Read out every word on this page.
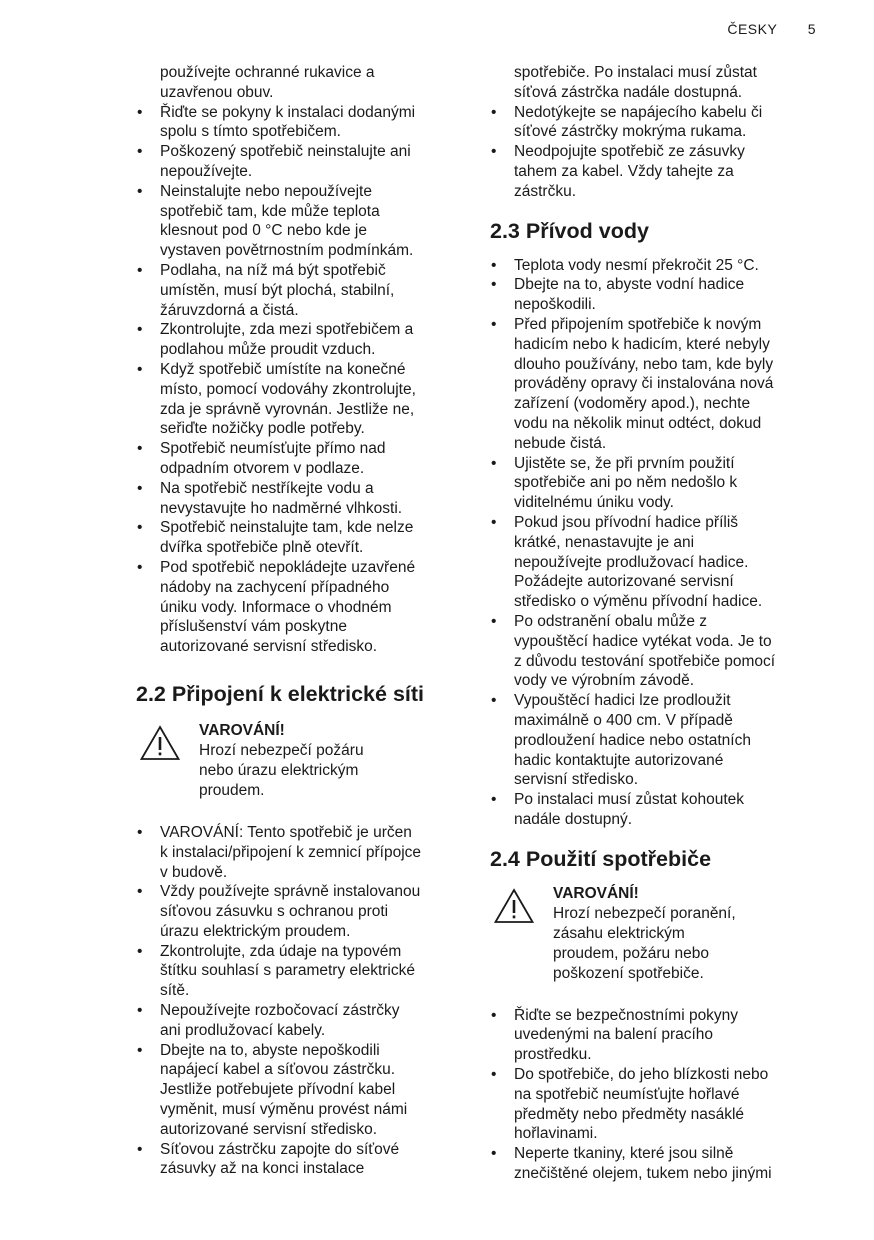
ČESKY 5
používejte ochranné rukavice a
uzavřenou obuv.
• Řiďte se pokyny k instalaci dodanými
spolu s tímto spotřebičem.
• Poškozený spotřebič neinstalujte ani
nepoužívejte.
• Neinstalujte nebo nepoužívejte
spotřebič tam, kde může teplota
klesnout pod 0 °C nebo kde je
vystaven povětrnostním podmínkám.
• Podlaha, na níž má být spotřebič
umístěn, musí být plochá, stabilní,
žáruvzdorná a čistá.
• Zkontrolujte, zda mezi spotřebičem a
podlahou může proudit vzduch.
• Když spotřebič umístíte na konečné
místo, pomocí vodováhy zkontrolujte,
zda je správně vyrovnán. Jestliže ne,
seřiďte nožičky podle potřeby.
• Spotřebič neumísťujte přímo nad
odpadním otvorem v podlaze.
• Na spotřebič nestříkejte vodu a
nevystavujte ho nadměrné vlhkosti.
• Spotřebič neinstalujte tam, kde nelze
dvířka spotřebiče plně otevřít.
• Pod spotřebič nepokládejte uzavřené
nádoby na zachycení případného
úniku vody. Informace o vhodném
příslušenství vám poskytne
autorizované servisní středisko.
2.2 Připojení k elektrické síti
VAROVÁNÍ!
Hrozí nebezpečí požáru
nebo úrazu elektrickým
proudem.
• VAROVÁNÍ: Tento spotřebič je určen
k instalaci/připojení k zemnicí přípojce
v budově.
• Vždy používejte správně instalovanou
síťovou zásuvku s ochranou proti
úrazu elektrickým proudem.
• Zkontrolujte, zda údaje na typovém
štítku souhlasí s parametry elektrické
sítě.
• Nepoužívejte rozbočovací zástrčky
ani prodlužovací kabely.
• Dbejte na to, abyste nepoškodili
napájecí kabel a síťovou zástrčku.
Jestliže potřebujete přívodní kabel
vyměnit, musí výměnu provést námi
autorizované servisní středisko.
• Síťovou zástrčku zapojte do síťové
zásuvky až na konci instalace
spotřebiče. Po instalaci musí zůstat
síťová zástrčka nadále dostupná.
• Nedotýkejte se napájecího kabelu či
síťové zástrčky mokrýma rukama.
• Neodpojujte spotřebič ze zásuvky
tahem za kabel. Vždy tahejte za
zástrčku.
2.3 Přívod vody
• Teplota vody nesmí překročit 25 °C.
• Dbejte na to, abyste vodní hadice
nepoškodili.
• Před připojením spotřebiče k novým
hadicím nebo k hadicím, které nebyly
dlouho používány, nebo tam, kde byly
prováděny opravy či instalována nová
zařízení (vodoměry apod.), nechte
vodu na několik minut odtéct, dokud
nebude čistá.
• Ujistěte se, že při prvním použití
spotřebiče ani po něm nedošlo k
viditelnému úniku vody.
• Pokud jsou přívodní hadice příliš
krátké, nenastavujte je ani
nepoužívejte prodlužovací hadice.
Požádejte autorizované servisní
středisko o výměnu přívodní hadice.
• Po odstranění obalu může z
vypouštěcí hadice vytékat voda. Je to
z důvodu testování spotřebiče pomocí
vody ve výrobním závodě.
• Vypouštěcí hadici lze prodloužit
maximálně o 400 cm. V případě
prodloužení hadice nebo ostatních
hadic kontaktujte autorizované
servisní středisko.
• Po instalaci musí zůstat kohoutek
nadále dostupný.
2.4 Použití spotřebiče
VAROVÁNÍ!
Hrozí nebezpečí poranění,
zásahu elektrickým
proudem, požáru nebo
poškození spotřebiče.
• Řiďte se bezpečnostními pokyny
uvedenými na balení pracího
prostředku.
• Do spotřebiče, do jeho blízkosti nebo
na spotřebič neumísťujte hořlavé
předměty nebo předměty nasáklé
hořlavinami.
• Neperte tkaniny, které jsou silně
znečištěné olejem, tukem nebo jinými
